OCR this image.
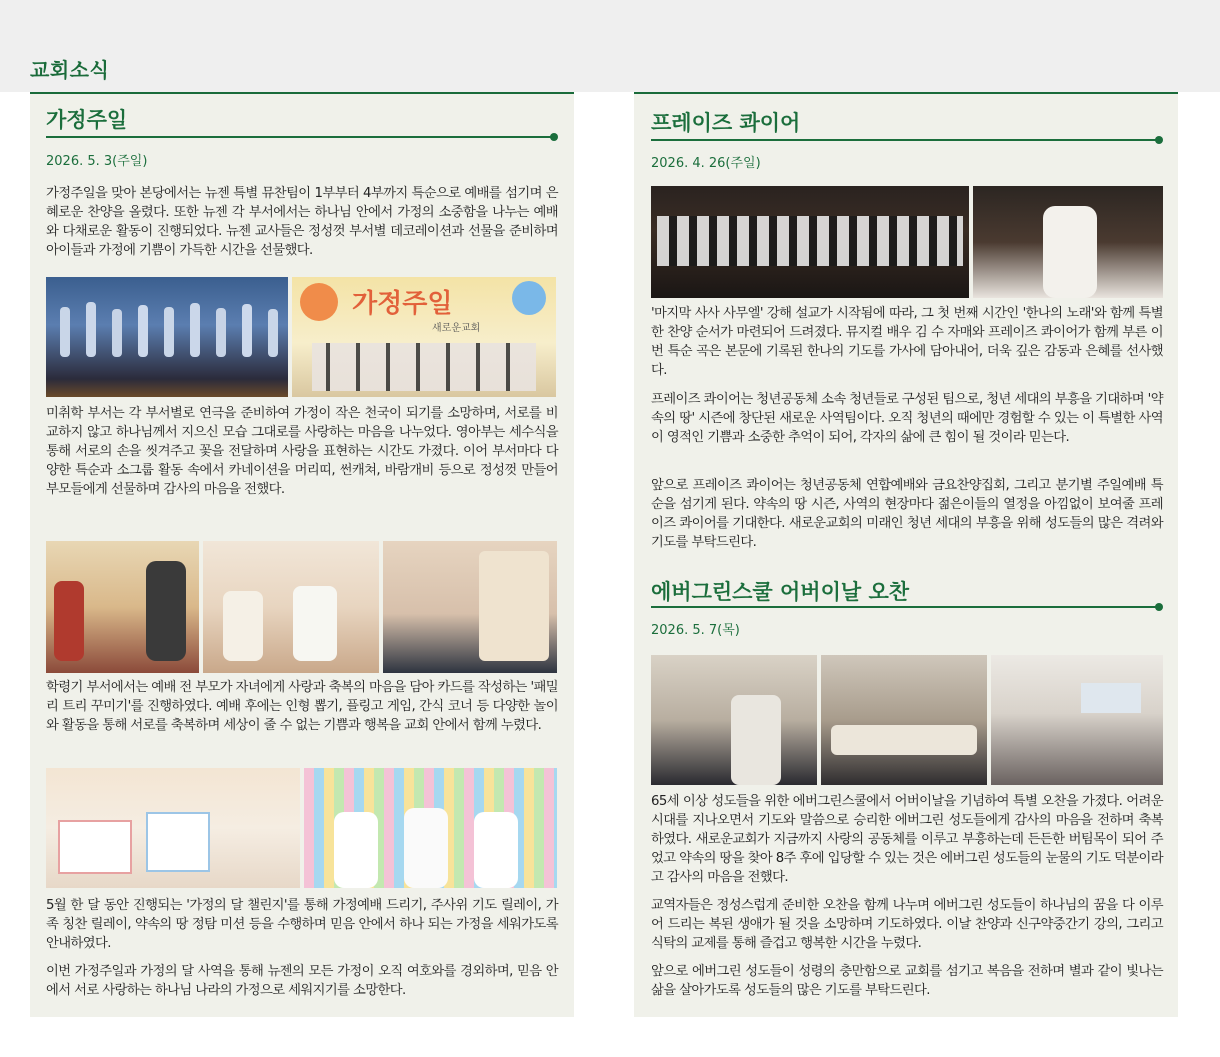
교회소식
가정주일
2026. 5. 3(주일)

가정주일을 맞아 본당에서는 뉴젠 특별 뮤찬팀이 1부부터 4부까지 특순으로 예배를 섬기며 은혜로운 찬양을 올렸다. 또한 뉴젠 각 부서에서는 하나님 안에서 가정의 소중함을 나누는 예배와 다채로운 활동이 진행되었다. 뉴젠 교사들은 정성껏 부서별 데코레이션과 선물을 준비하며 아이들과 가정에 기쁨이 가득한 시간을 선물했다.

가정주일
새로운교회

미취학 부서는 각 부서별로 연극을 준비하여 가정이 작은 천국이 되기를 소망하며, 서로를 비교하지 않고 하나님께서 지으신 모습 그대로를 사랑하는 마음을 나누었다. 영아부는 세수식을 통해 서로의 손을 씻겨주고 꽃을 전달하며 사랑을 표현하는 시간도 가졌다. 이어 부서마다 다양한 특순과 소그룹 활동 속에서 카네이션을 머리띠, 썬캐쳐, 바람개비 등으로 정성껏 만들어 부모들에게 선물하며 감사의 마음을 전했다.

학령기 부서에서는 예배 전 부모가 자녀에게 사랑과 축복의 마음을 담아 카드를 작성하는 '패밀리 트리 꾸미기'를 진행하였다. 예배 후에는 인형 뽑기, 플링고 게임, 간식 코너 등 다양한 놀이와 활동을 통해 서로를 축복하며 세상이 줄 수 없는 기쁨과 행복을 교회 안에서 함께 누렸다.

5월 한 달 동안 진행되는 '가정의 달 챌린지'를 통해 가정예배 드리기, 주사위 기도 릴레이, 가족 칭찬 릴레이, 약속의 땅 정탐 미션 등을 수행하며 믿음 안에서 하나 되는 가정을 세워가도록 안내하였다.

이번 가정주일과 가정의 달 사역을 통해 뉴젠의 모든 가정이 오직 여호와를 경외하며, 믿음 안에서 서로 사랑하는 하나님 나라의 가정으로 세워지기를 소망한다.

프레이즈 콰이어
2026. 4. 26(주일)

'마지막 사사 사무엘' 강해 설교가 시작됨에 따라, 그 첫 번째 시간인 '한나의 노래'와 함께 특별한 찬양 순서가 마련되어 드려졌다. 뮤지컬 배우 김 수 자매와 프레이즈 콰이어가 함께 부른 이번 특순 곡은 본문에 기록된 한나의 기도를 가사에 담아내어, 더욱 깊은 감동과 은혜를 선사했다.

프레이즈 콰이어는 청년공동체 소속 청년들로 구성된 팀으로, 청년 세대의 부흥을 기대하며 '약속의 땅' 시즌에 창단된 새로운 사역팀이다. 오직 청년의 때에만 경험할 수 있는 이 특별한 사역이 영적인 기쁨과 소중한 추억이 되어, 각자의 삶에 큰 힘이 될 것이라 믿는다.

앞으로 프레이즈 콰이어는 청년공동체 연합예배와 금요찬양집회, 그리고 분기별 주일예배 특순을 섬기게 된다. 약속의 땅 시즌, 사역의 현장마다 젊은이들의 열정을 아낌없이 보여줄 프레이즈 콰이어를 기대한다. 새로운교회의 미래인 청년 세대의 부흥을 위해 성도들의 많은 격려와 기도를 부탁드린다.

에버그린스쿨 어버이날 오찬
2026. 5. 7(목)

65세 이상 성도들을 위한 에버그린스쿨에서 어버이날을 기념하여 특별 오찬을 가졌다. 어려운 시대를 지나오면서 기도와 말씀으로 승리한 에버그린 성도들에게 감사의 마음을 전하며 축복하였다. 새로운교회가 지금까지 사랑의 공동체를 이루고 부흥하는데 든든한 버팀목이 되어 주었고 약속의 땅을 찾아 8주 후에 입당할 수 있는 것은 에버그린 성도들의 눈물의 기도 덕분이라고 감사의 마음을 전했다.

교역자들은 정성스럽게 준비한 오찬을 함께 나누며 에버그린 성도들이 하나님의 꿈을 다 이루어 드리는 복된 생애가 될 것을 소망하며 기도하였다. 이날 찬양과 신구약중간기 강의, 그리고 식탁의 교제를 통해 즐겁고 행복한 시간을 누렸다.

앞으로 에버그린 성도들이 성령의 충만함으로 교회를 섬기고 복음을 전하며 별과 같이 빛나는 삶을 살아가도록 성도들의 많은 기도를 부탁드린다.
